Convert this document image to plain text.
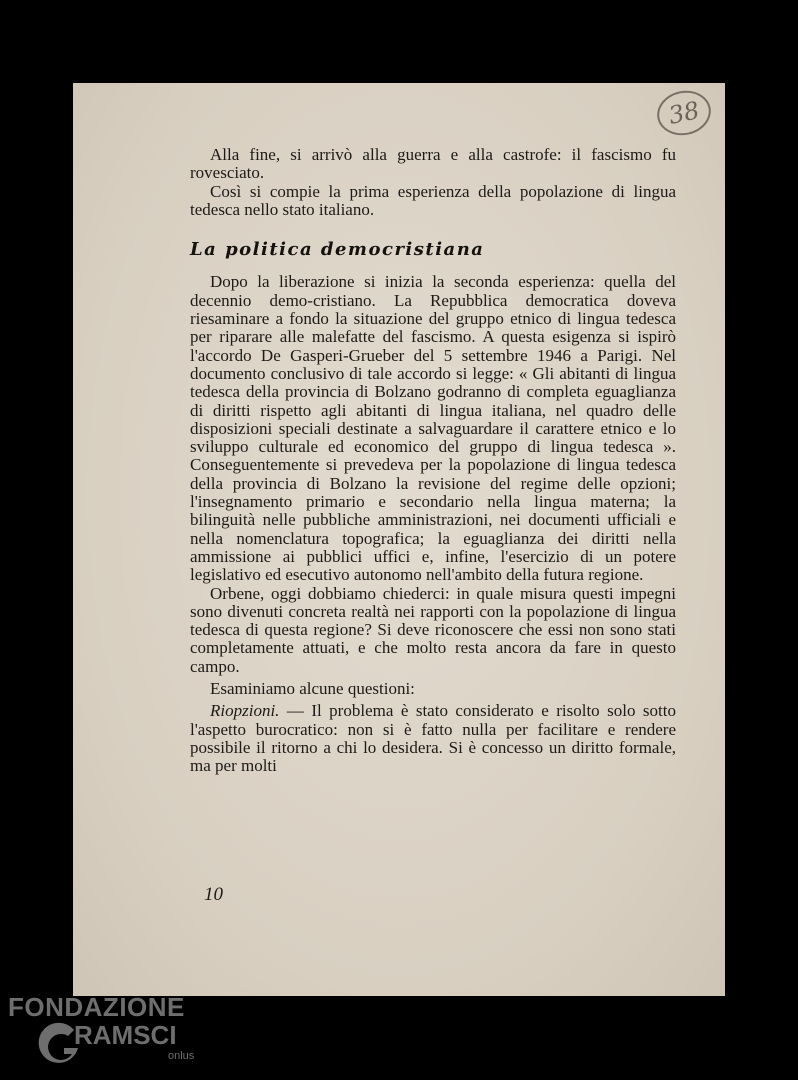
38

Alla fine, si arrivò alla guerra e alla castrofe: il fascismo fu rovesciato.

Così si compie la prima esperienza della popolazione di lingua tedesca nello stato italiano.

La politica democristiana

Dopo la liberazione si inizia la seconda esperienza: quella del decennio demo-cristiano. La Repubblica democratica doveva riesaminare a fondo la situazione del gruppo etnico di lingua tedesca per riparare alle malefatte del fascismo. A questa esigenza si ispirò l'accordo De Gasperi-Grueber del 5 settembre 1946 a Parigi. Nel documento conclusivo di tale accordo si legge: « Gli abitanti di lingua tedesca della provincia di Bolzano godranno di completa eguaglianza di diritti rispetto agli abitanti di lingua italiana, nel quadro delle disposizioni speciali destinate a salvaguardare il carattere etnico e lo sviluppo culturale ed economico del gruppo di lingua tedesca ». Conseguentemente si prevedeva per la popolazione di lingua tedesca della provincia di Bolzano la revisione del regime delle opzioni; l'insegnamento primario e secondario nella lingua materna; la bilinguità nelle pubbliche amministrazioni, nei documenti ufficiali e nella nomenclatura topografica; la eguaglianza dei diritti nella ammissione ai pubblici uffici e, infine, l'esercizio di un potere legislativo ed esecutivo autonomo nell'ambito della futura regione.

Orbene, oggi dobbiamo chiederci: in quale misura questi impegni sono divenuti concreta realtà nei rapporti con la popolazione di lingua tedesca di questa regione? Si deve riconoscere che essi non sono stati completamente attuati, e che molto resta ancora da fare in questo campo.

Esaminiamo alcune questioni:

Riopzioni. — Il problema è stato considerato e risolto solo sotto l'aspetto burocratico: non si è fatto nulla per facilitare e rendere possibile il ritorno a chi lo desidera. Si è concesso un diritto formale, ma per molti

10
FONDAZIONE
RAMSCI
onlus
